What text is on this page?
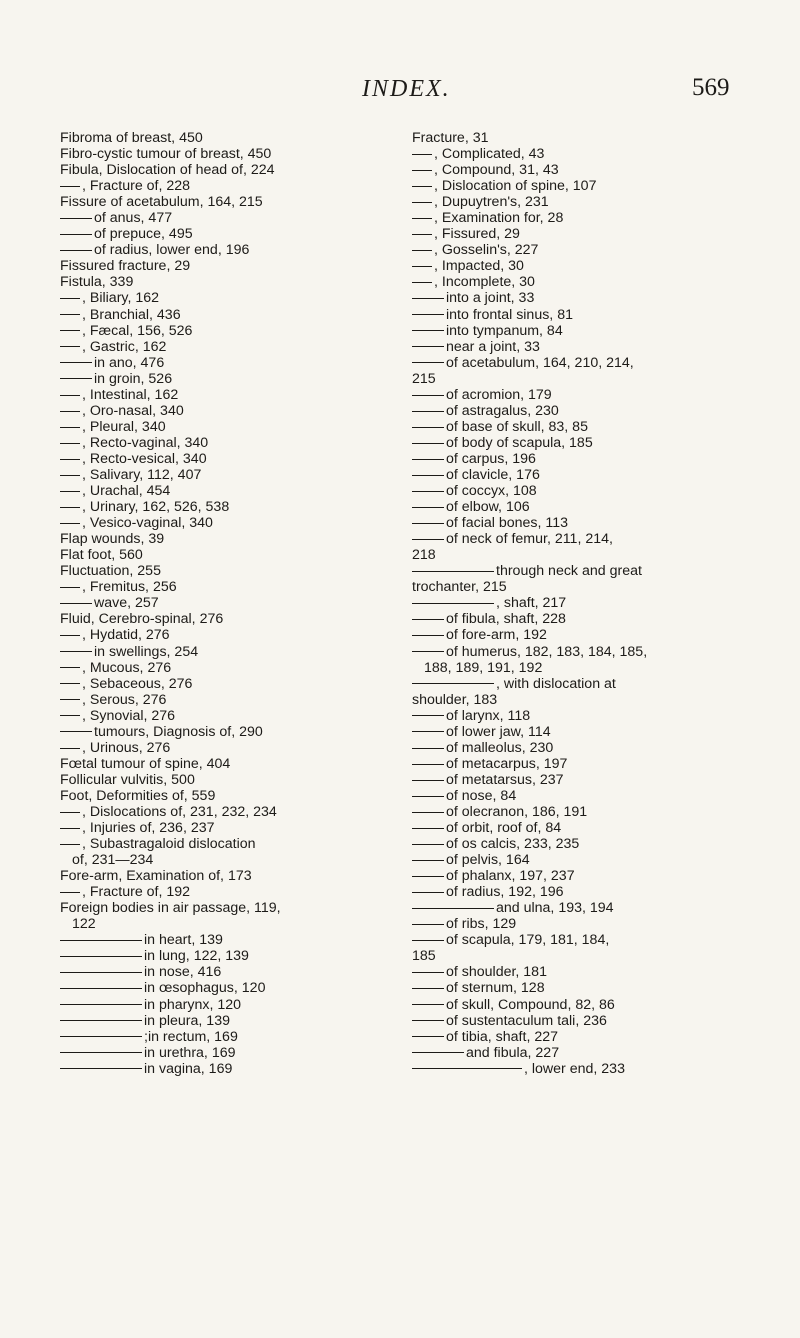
INDEX.	569
Fibroma of breast, 450
Fibro-cystic tumour of breast, 450
Fibula, Dislocation of head of, 224
, Fracture of, 228
Fissure of acetabulum, 164, 215
of anus, 477
of prepuce, 495
of radius, lower end, 196
Fissured fracture, 29
Fistula, 339
, Biliary, 162
, Branchial, 436
, Fæcal, 156, 526
, Gastric, 162
in ano, 476
in groin, 526
, Intestinal, 162
, Oro-nasal, 340
, Pleural, 340
, Recto-vaginal, 340
, Recto-vesical, 340
, Salivary, 112, 407
, Urachal, 454
, Urinary, 162, 526, 538
, Vesico-vaginal, 340
Flap wounds, 39
Flat foot, 560
Fluctuation, 255
, Fremitus, 256
wave, 257
Fluid, Cerebro-spinal, 276
, Hydatid, 276
in swellings, 254
, Mucous, 276
, Sebaceous, 276
, Serous, 276
, Synovial, 276
tumours, Diagnosis of, 290
, Urinous, 276
Fœtal tumour of spine, 404
Follicular vulvitis, 500
Foot, Deformities of, 559
, Dislocations of, 231, 232, 234
, Injuries of, 236, 237
, Subastragaloid dislocation
of, 231—234
Fore-arm, Examination of, 173
, Fracture of, 192
Foreign bodies in air passage, 119,
122
in heart, 139
in lung, 122, 139
in nose, 416
in œsophagus, 120
in pharynx, 120
in pleura, 139
;in rectum, 169
in urethra, 169
in vagina, 169
Fracture, 31
, Complicated, 43
, Compound, 31, 43
, Dislocation of spine, 107
, Dupuytren's, 231
, Examination for, 28
, Fissured, 29
, Gosselin's, 227
, Impacted, 30
, Incomplete, 30
into a joint, 33
into frontal sinus, 81
into tympanum, 84
near a joint, 33
of acetabulum, 164, 210, 214,
215
of acromion, 179
of astragalus, 230
of base of skull, 83, 85
of body of scapula, 185
of carpus, 196
of clavicle, 176
of coccyx, 108
of elbow, 106
of facial bones, 113
of neck of femur, 211, 214,
218
through neck and great
trochanter, 215
, shaft, 217
of fibula, shaft, 228
of fore-arm, 192
of humerus, 182, 183, 184, 185,
188, 189, 191, 192
, with dislocation at
shoulder, 183
of larynx, 118
of lower jaw, 114
of malleolus, 230
of metacarpus, 197
of metatarsus, 237
of nose, 84
of olecranon, 186, 191
of orbit, roof of, 84
of os calcis, 233, 235
of pelvis, 164
of phalanx, 197, 237
of radius, 192, 196
and ulna, 193, 194
of ribs, 129
of scapula, 179, 181, 184,
185
of shoulder, 181
of sternum, 128
of skull, Compound, 82, 86
of sustentaculum tali, 236
of tibia, shaft, 227
and fibula, 227
, lower end, 233
